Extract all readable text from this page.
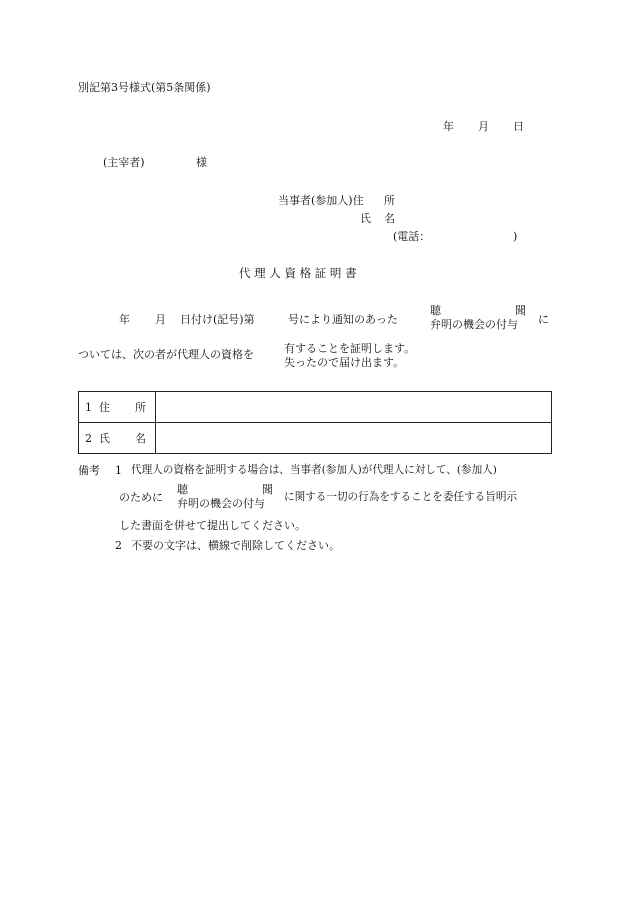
別記第3号様式(第5条関係)
年 月 日
(主宰者)	様
当事者(参加人)住 所
氏 名
(電話：	)
代 理 人 資 格 証 明 書
年 月 日付け(記号)第	号により通知のあった
聴	聞
弁明の機会の付与	に
ついては、次の者が代理人の資格を	有することを証明します。
失ったので届け出ます。
1 住 所	

2 氏 名	

備考 1 代理人の資格を証明する場合は、当事者(参加人)が代理人に対して、(参加人)
のために
聴	聞
弁明の機会の付与	に関する一切の行為をすることを委任する旨明示
した書面を併せて提出してください。
2 不要の文字は、横線で削除してください。
